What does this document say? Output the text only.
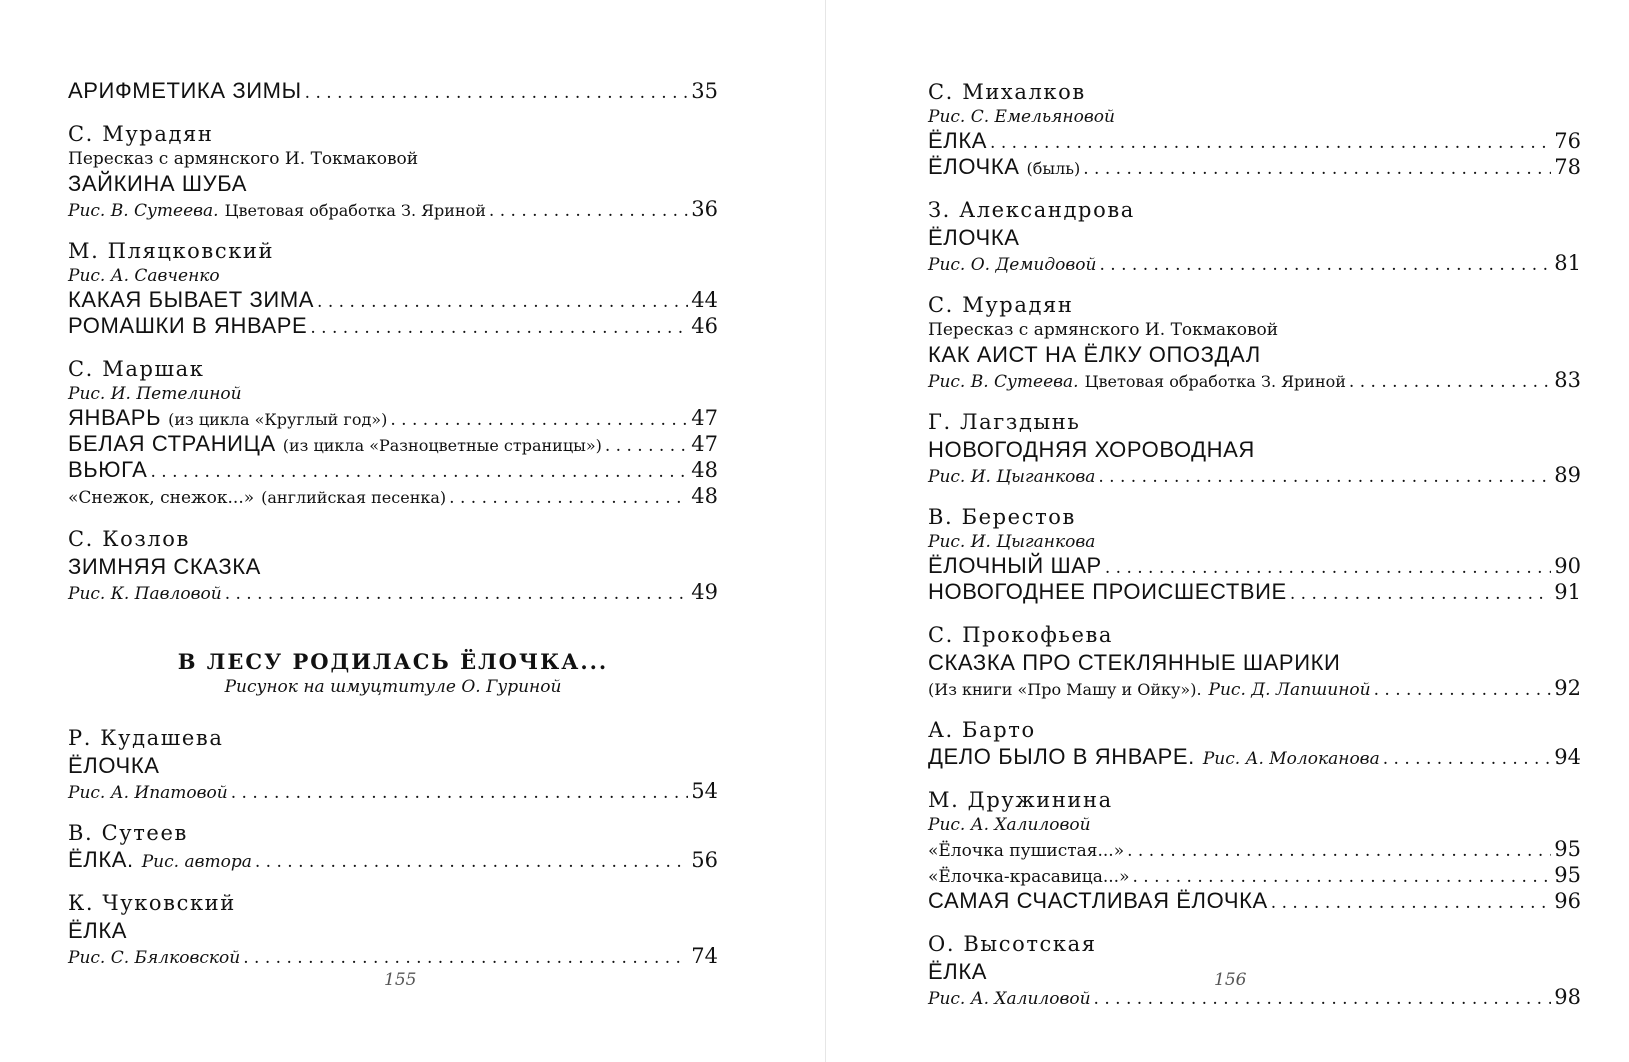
АРИФМЕТИКА ЗИМЫ . . .	35
С. Мурадян
Пересказ с армянского И. Токмаковой
ЗАЙКИНА ШУБА
Рис. В. Сутеева. Цветовая обработка З. Яриной . . .	36
М. Пляцковский
Рис. А. Савченко
КАКАЯ БЫВАЕТ ЗИМА . . .	44
РОМАШКИ В ЯНВАРЕ . . .	46
С. Маршак
Рис. И. Петелиной
ЯНВАРЬ (из цикла «Круглый год») . . .	47
БЕЛАЯ СТРАНИЦА (из цикла «Разноцветные страницы») . . .	47
ВЬЮГА . . .	48
«Снежок, снежок...» (английская песенка) . . .	48
С. Козлов
ЗИМНЯЯ СКАЗКА
Рис. К. Павловой . . .	49
В ЛЕСУ РОДИЛАСЬ ЁЛОЧКА...
Рисунок на шмуцтитуле О. Гуриной
Р. Кудашева
ЁЛОЧКА
Рис. А. Ипатовой . . .	54
В. Сутеев
ЁЛКА. Рис. автора . . .	56
К. Чуковский
ЁЛКА
Рис. С. Бялковской . . .	74
155
С. Михалков
Рис. С. Емельяновой
ЁЛКА . . .	76
ЁЛОЧКА (быль) . . .	78
З. Александрова
ЁЛОЧКА
Рис. О. Демидовой . . .	81
С. Мурадян
Пересказ с армянского И. Токмаковой
КАК АИСТ НА ЁЛКУ ОПОЗДАЛ
Рис. В. Сутеева. Цветовая обработка З. Яриной . . .	83
Г. Лагздынь
НОВОГОДНЯЯ ХОРОВОДНАЯ
Рис. И. Цыганкова . . .	89
В. Берестов
Рис. И. Цыганкова
ЁЛОЧНЫЙ ШАР . . .	90
НОВОГОДНЕЕ ПРОИСШЕСТВИЕ . . .	91
С. Прокофьева
СКАЗКА ПРО СТЕКЛЯННЫЕ ШАРИКИ
(Из книги «Про Машу и Ойку»). Рис. Д. Лапшиной . . .	92
А. Барто
ДЕЛО БЫЛО В ЯНВАРЕ. Рис. А. Молоканова . . .	94
М. Дружинина
Рис. А. Халиловой
«Ёлочка пушистая...» . . .	95
«Ёлочка-красавица...» . . .	95
САМАЯ СЧАСТЛИВАЯ ЁЛОЧКА . . .	96
О. Высотская
ЁЛКА
Рис. А. Халиловой . . .	98
156
